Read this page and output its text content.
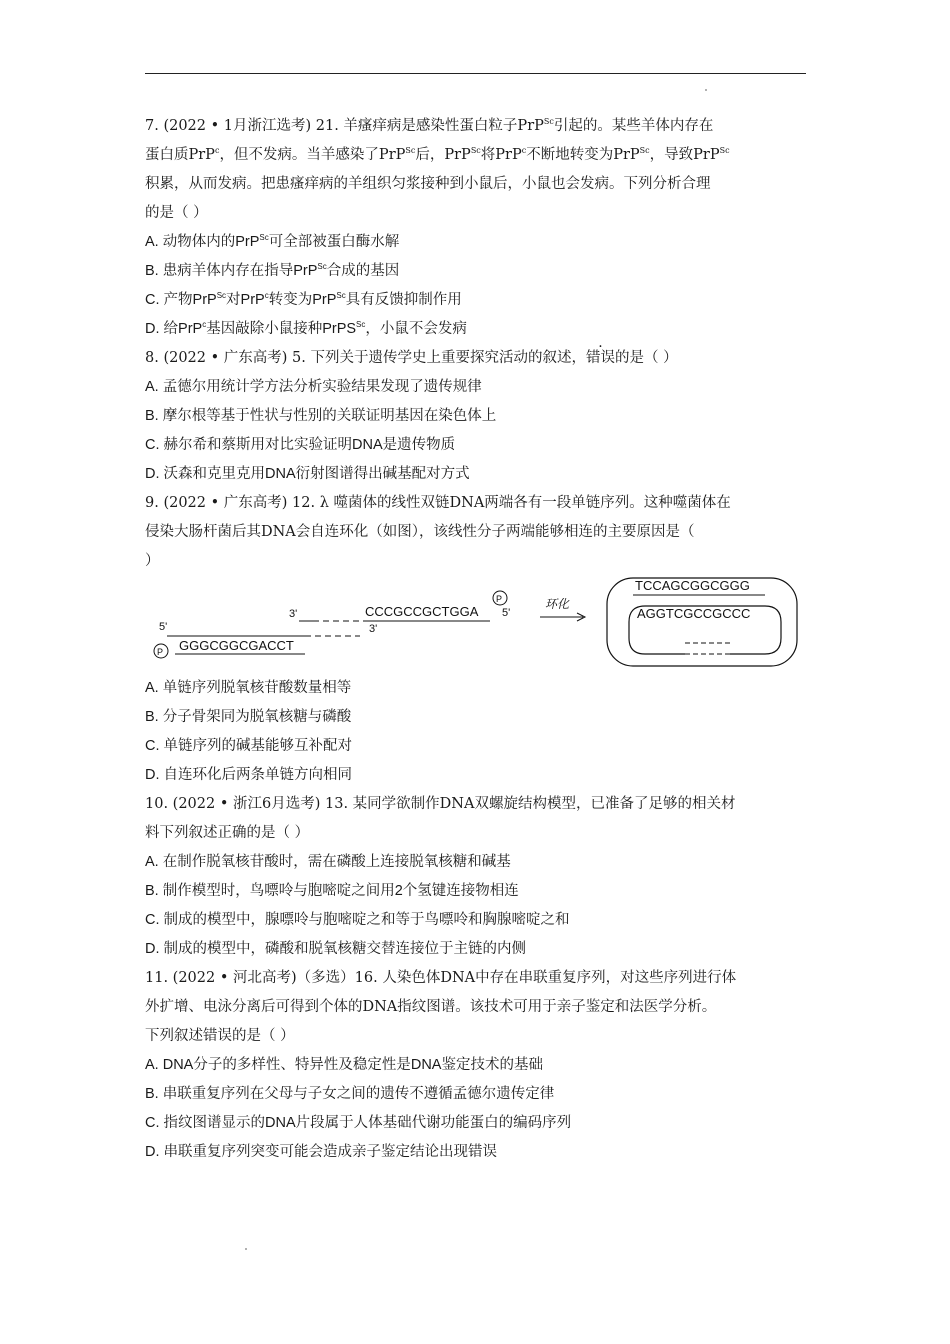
7. (2022 • 1月浙江选考) 21. 羊瘙痒病是感染性蛋白粒子PrP$^{Sc}$引起的。某些羊体内存在
蛋白质PrP$^c$，但不发病。当羊感染了PrP$^{Sc}$后，PrP$^{Sc}$将PrP$^c$不断地转变为PrP$^{Sc}$，导致PrP$^{Sc}$
积累，从而发病。把患瘙痒病的羊组织匀浆接种到小鼠后，小鼠也会发病。下列分析合理
的是（ ）
A. 动物体内的PrP$^{Sc}$可全部被蛋白酶水解
B. 患病羊体内存在指导PrP$^{Sc}$合成的基因
C. 产物PrP$^{Sc}$对PrP$^c$转变为PrP$^{Sc}$具有反馈抑制作用
D. 给PrP$^c$基因敲除小鼠接种PrPS$^{Sc}$，小鼠不会发病
8. (2022 • 广东高考) 5. 下列关于遗传学史上重要探究活动的叙述，错误的是（ ）
A. 孟德尔用统计学方法分析实验结果发现了遗传规律
B. 摩尔根等基于性状与性别的关联证明基因在染色体上
C. 赫尔希和蔡斯用对比实验证明DNA是遗传物质
D. 沃森和克里克用DNA衍射图谱得出碱基配对方式
9. (2022 • 广东高考) 12. λ 噬菌体的线性双链DNA两端各有一段单链序列。这种噬菌体在
侵染大肠杆菌后其DNA会自连环化（如图），该线性分子两端能够相连的主要原因是（
）
5'
P GGGCGGCGACCT
3'
3'
CCCGCCGCTGGA
P
5'
环化
TCCAGCGGCGGG
AGGTCGCCGCCC
A. 单链序列脱氧核苷酸数量相等
B. 分子骨架同为脱氧核糖与磷酸
C. 单链序列的碱基能够互补配对
D. 自连环化后两条单链方向相同
10. (2022 • 浙江6月选考) 13. 某同学欲制作DNA双螺旋结构模型，已准备了足够的相关材
料下列叙述正确的是（ ）
A. 在制作脱氧核苷酸时，需在磷酸上连接脱氧核糖和碱基
B. 制作模型时，鸟嘌呤与胞嘧啶之间用2个氢键连接物相连
C. 制成的模型中，腺嘌呤与胞嘧啶之和等于鸟嘌呤和胸腺嘧啶之和
D. 制成的模型中，磷酸和脱氧核糖交替连接位于主链的内侧
11. (2022 • 河北高考)（多选）16. 人染色体DNA中存在串联重复序列，对这些序列进行体
外扩增、电泳分离后可得到个体的DNA指纹图谱。该技术可用于亲子鉴定和法医学分析。
下列叙述错误的是（ ）
A. DNA分子的多样性、特异性及稳定性是DNA鉴定技术的基础
B. 串联重复序列在父母与子女之间的遗传不遵循孟德尔遗传定律
C. 指纹图谱显示的DNA片段属于人体基础代谢功能蛋白的编码序列
D. 串联重复序列突变可能会造成亲子鉴定结论出现错误
